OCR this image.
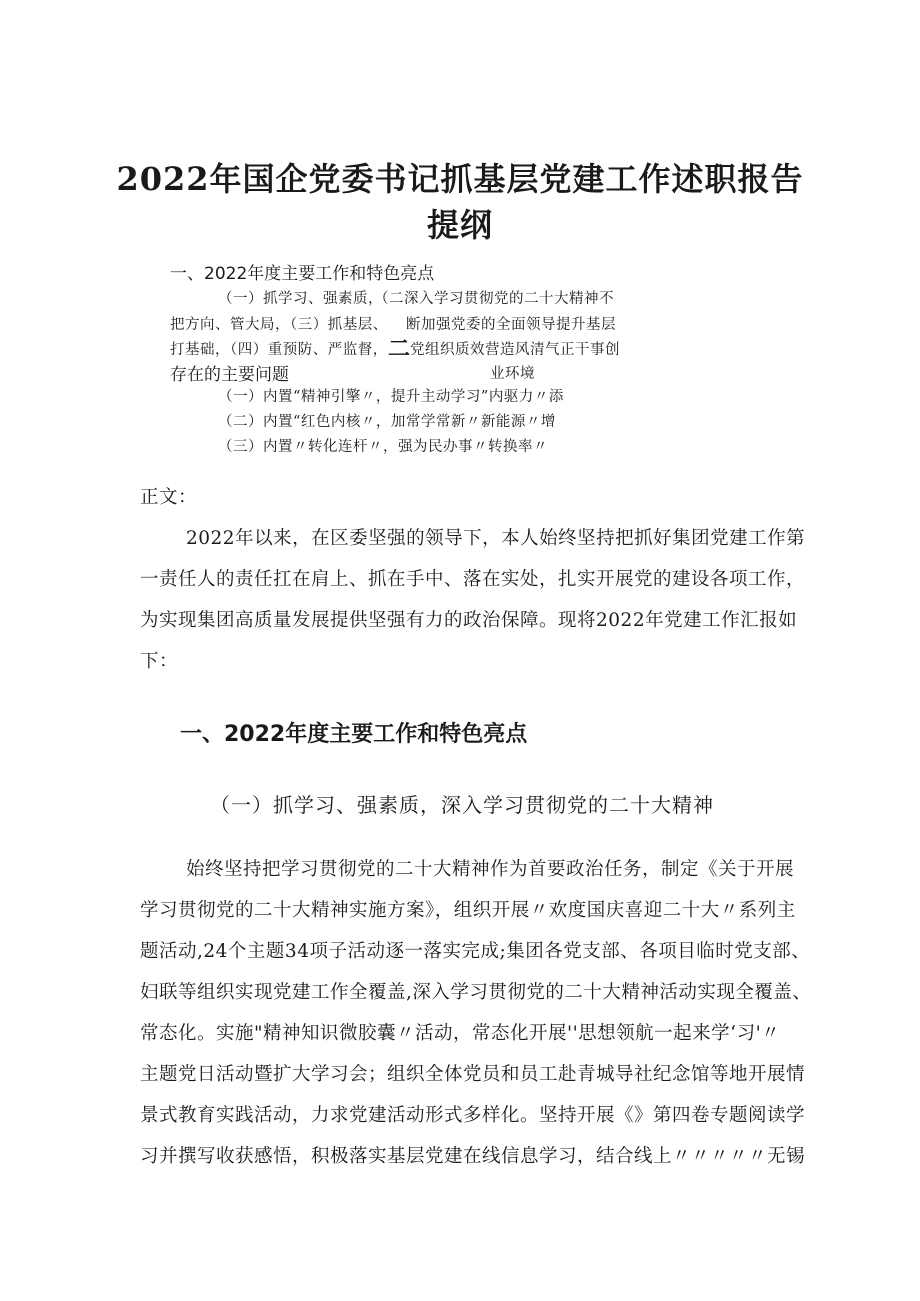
2022年国企党委书记抓基层党建工作述职报告
提纲
一、2022年度主要工作和特色亮点
（一）抓学习、强素质，
（二深入学习贯彻党的二十大精神不
把方向、管大局，（三）抓基层、 断加强党委的全面领导提升基层
打基础，（四）重预防、严监督， 二 党组织质效营造风清气正干事创
存在的主要问题	业环境
（一）内置“精神引擎〃，提升主动学习”内驱力〃添
（二）内置“红色内核〃，加常学常新〃新能源〃增
（三）内置〃转化连杆〃，强为民办事〃转换率〃
正文：
2022年以来，在区委坚强的领导下，本人始终坚持把抓好集团党建工作第
一责任人的责任扛在肩上、抓在手中、落在实处，扎实开展党的建设各项工作，
为实现集团高质量发展提供坚强有力的政治保障。现将2022年党建工作汇报如
下：
一、2022年度主要工作和特色亮点
（一）抓学习、强素质，深入学习贯彻党的二十大精神
始终坚持把学习贯彻党的二十大精神作为首要政治任务，制定《关于开展
学习贯彻党的二十大精神实施方案》，组织开展〃欢度国庆喜迎二十大〃系列主
题活动,24个主题34项子活动逐一落实完成;集团各党支部、各项目临时党支部、
妇联等组织实现党建工作全覆盖,深入学习贯彻党的二十大精神活动实现全覆盖、
常态化。实施"精神知识微胶囊〃活动，常态化开展''思想领航一起来学‘习'〃
主题党日活动暨扩大学习会；组织全体党员和员工赴青城导社纪念馆等地开展情
景式教育实践活动，力求党建活动形式多样化。坚持开展《》第四卷专题阅读学
习并撰写收获感悟，积极落实基层党建在线信息学习，结合线上〃〃〃〃〃无锡
